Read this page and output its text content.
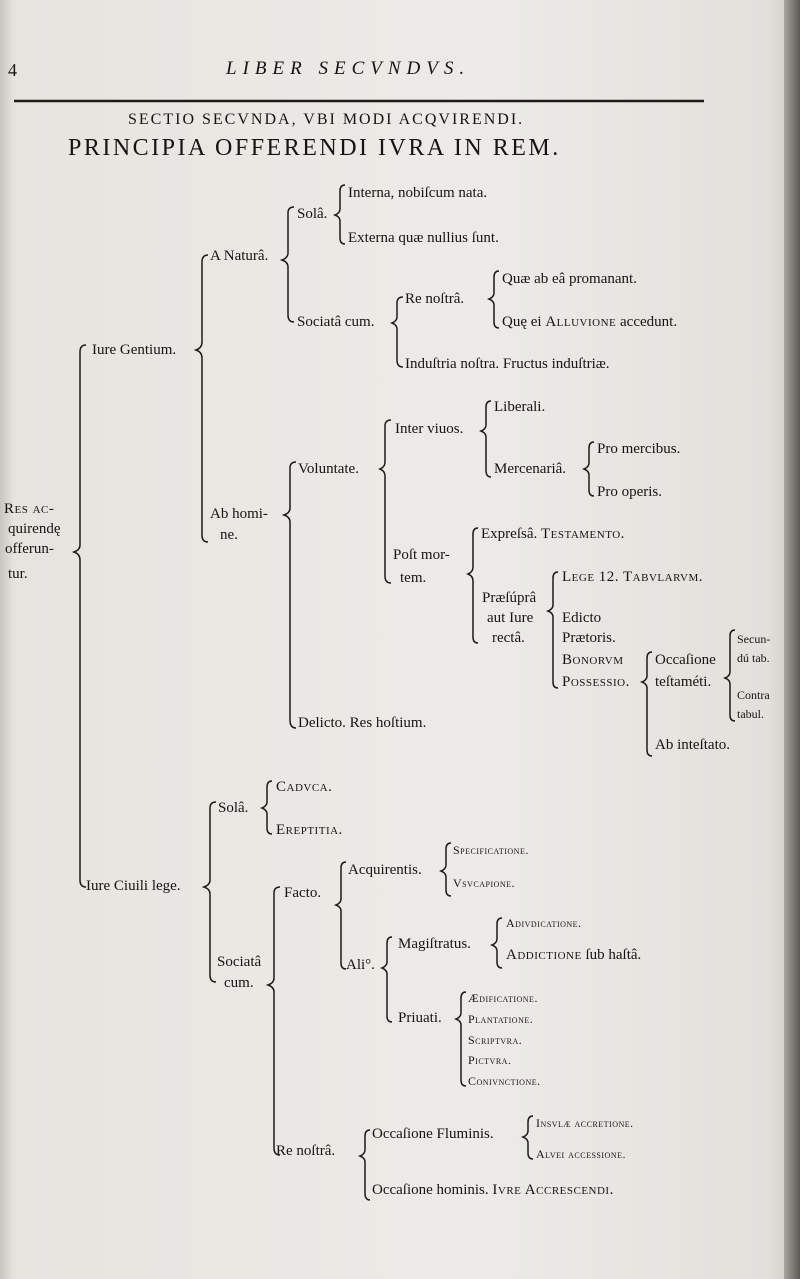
4	LIBER SECVNDVS.
SECTIO SECVNDA, VBI MODI ACQVIRENDI.
PRINCIPIA OFFERENDI IVRA IN REM.
Res ac-
quirendę
offerun-
tur.
Iure Gentium.
A Naturâ.
Solâ.
Interna, nobiſcum nata.
Externa quæ nullius ſunt.
Sociatâ cum.
Re noſtrâ.
Quæ ab eâ promanant.
Quę ei Alluvione accedunt.
Induſtria noſtra. Fructus induſtriæ.
Ab homi-
ne.
Voluntate.
Inter viuos.
Liberali.
Mercenariâ.
Pro mercibus.
Pro operis.
Poſt mor-
tem.
Expreſsâ. Testamento.
Præſúprâ
aut Iure
rectâ.
Lege 12. Tabvlarvm.
Edicto
Prætoris.
Bonorvm
Possessio.
Occaſione
teſtaméti.
Secun-
dú tab.
Contra
tabul.
Ab inteſtato.
Delicto. Res hoſtium.
Iure Ciuili lege.
Solâ.
Cadvca.
Ereptitia.
Sociatâ
cum.
Facto.
Acquirentis.
Specificatione.
Vsvcapione.
Ali°.
Magiſtratus.
Adivdicatione.
Addictione ſub haſtâ.
Priuati.
Ædificatione.
Plantatione.
Scriptvra.
Pictvra.
Conivnctione.
Re noſtrâ.
Occaſione Fluminis.
Insvlæ accretione.
Alvei accessione.
Occaſione hominis. Ivre Accrescendi.
